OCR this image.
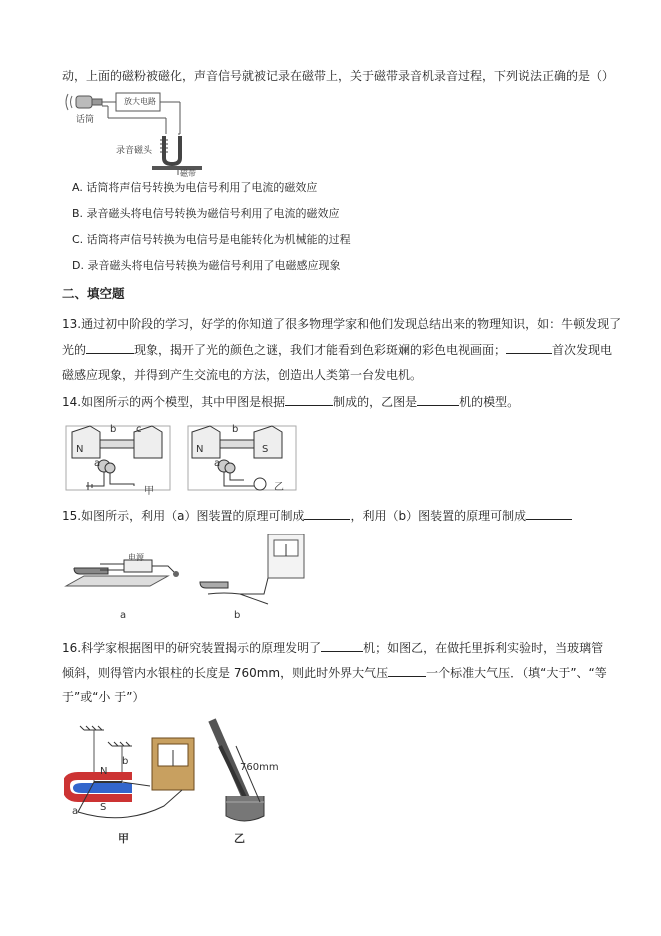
动，上面的磁粉被磁化，声音信号就被记录在磁带上，关于磁带录音机录音过程，下列说法正确的是（）
放大电路
话筒
录音磁头
磁带
A. 话筒将声信号转换为电信号利用了电流的磁效应
B. 录音磁头将电信号转换为磁信号利用了电流的磁效应
C. 话筒将声信号转换为电信号是电能转化为机械能的过程
D. 录音磁头将电信号转换为磁信号利用了电磁感应现象
二、填空题
13.通过初中阶段的学习，好学的你知道了很多物理学家和他们发现总结出来的物理知识，如：牛顿发现了
光的	现象，揭开了光的颜色之谜，我们才能看到色彩斑斓的彩色电视画面；	首次发现电
磁感应现象，并得到产生交流电的方法，创造出人类第一台发电机。
14.如图所示的两个模型，其中甲图是根据	制成的，乙图是	机的模型。
N
a
b c
甲
N	S
a
b
乙
15.如图所示，利用（a）图装置的原理可制成	，利用（b）图装置的原理可制成
电源
a	b
16.科学家根据图甲的研究装置揭示的原理发明了	机；如图乙，在做托里拆利实验时，当玻璃管
倾斜，则得管内水银柱的长度是 760mm，则此时外界大气压	一个标准大气压．（填“大于”、“等
于”或“小 于”）
N
S
a
b
760mm
甲	乙
